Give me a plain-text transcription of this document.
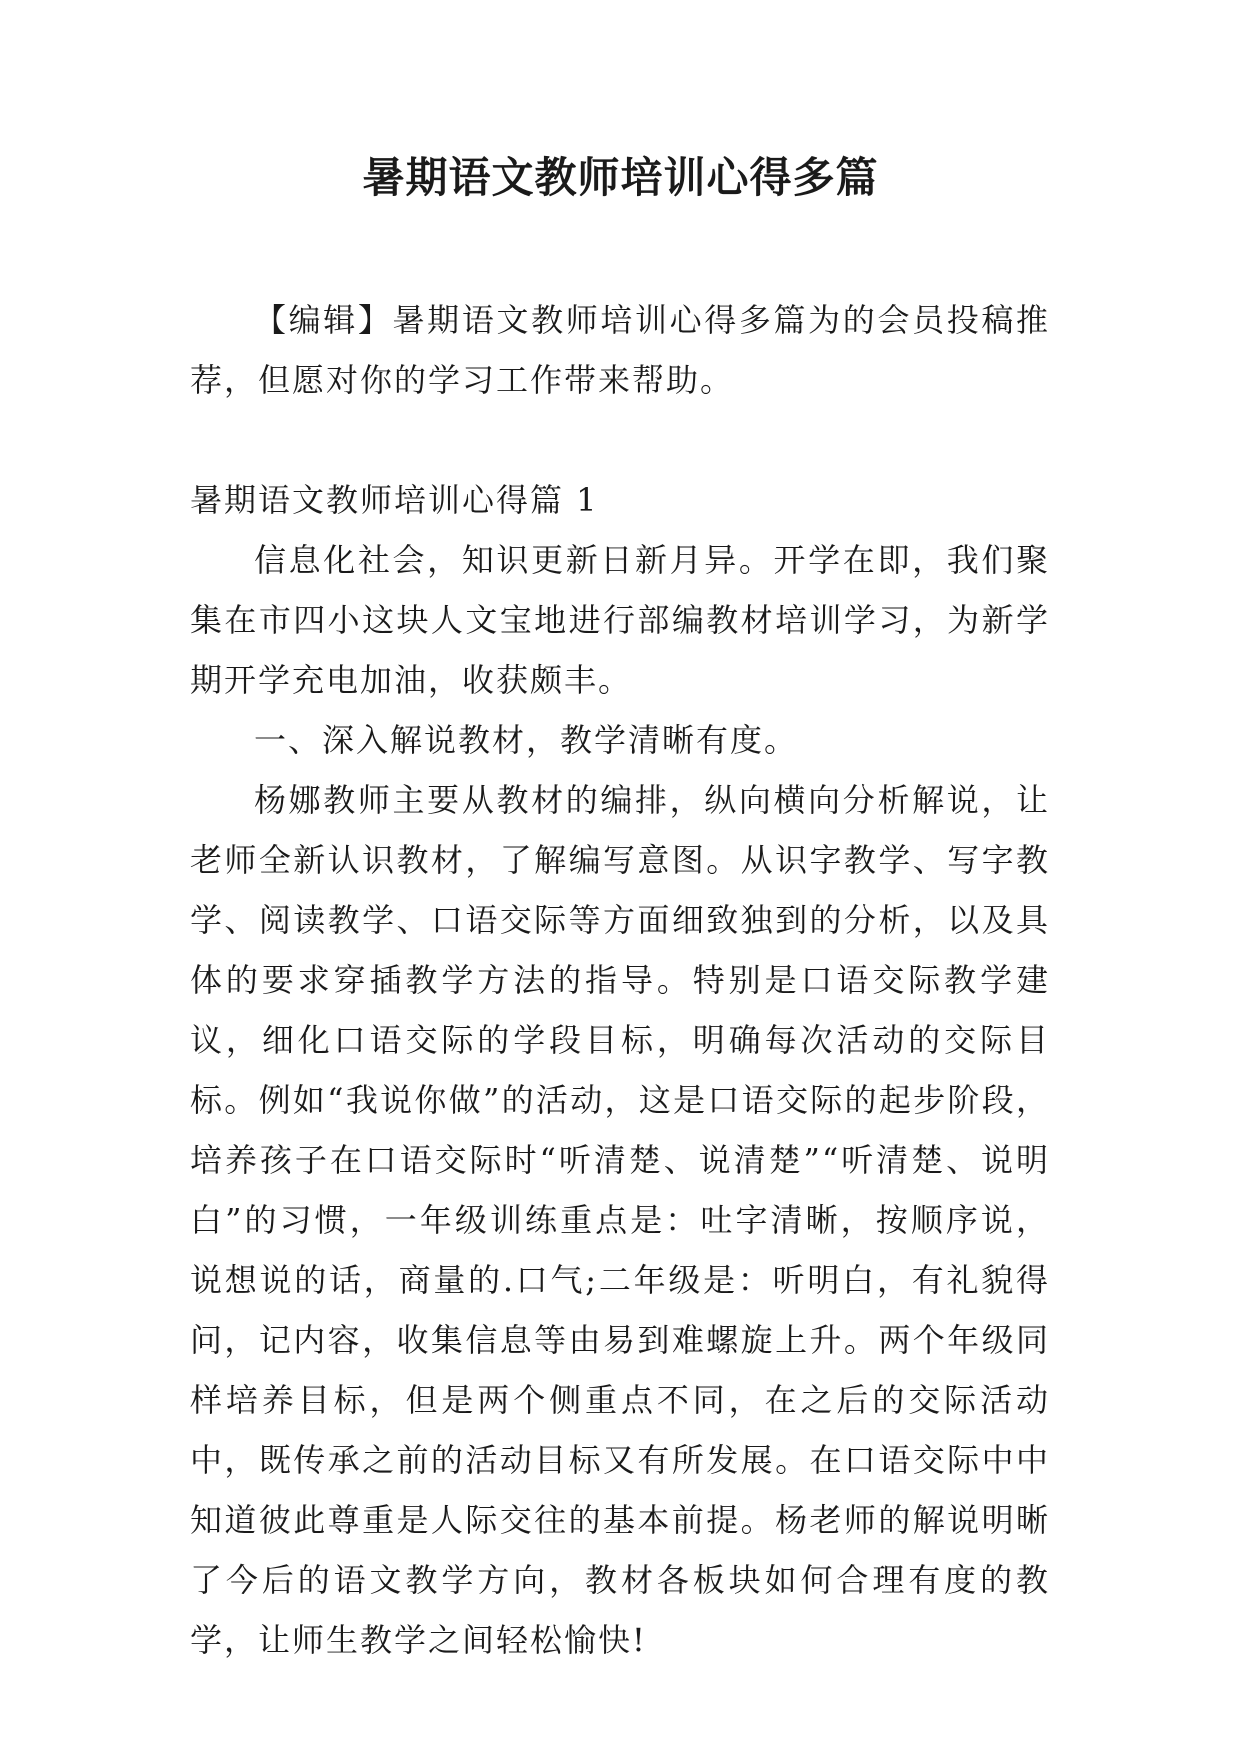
暑期语文教师培训心得多篇

【编辑】暑期语文教师培训心得多篇为的会员投稿推荐，但愿对你的学习工作带来帮助。

暑期语文教师培训心得篇 1

信息化社会，知识更新日新月异。开学在即，我们聚集在市四小这块人文宝地进行部编教材培训学习，为新学期开学充电加油，收获颇丰。

一、深入解说教材，教学清晰有度。

杨娜教师主要从教材的编排，纵向横向分析解说，让老师全新认识教材，了解编写意图。从识字教学、写字教学、阅读教学、口语交际等方面细致独到的分析，以及具体的要求穿插教学方法的指导。特别是口语交际教学建议，细化口语交际的学段目标，明确每次活动的交际目标。例如“我说你做”的活动，这是口语交际的起步阶段，培养孩子在口语交际时“听清楚、说清楚”“听清楚、说明白”的习惯，一年级训练重点是：吐字清晰，按顺序说，说想说的话，商量的.口气;二年级是：听明白，有礼貌得问，记内容，收集信息等由易到难螺旋上升。两个年级同样培养目标，但是两个侧重点不同，在之后的交际活动中，既传承之前的活动目标又有所发展。在口语交际中中知道彼此尊重是人际交往的基本前提。杨老师的解说明晰了今后的语文教学方向，教材各板块如何合理有度的教学，让师生教学之间轻松愉快!
